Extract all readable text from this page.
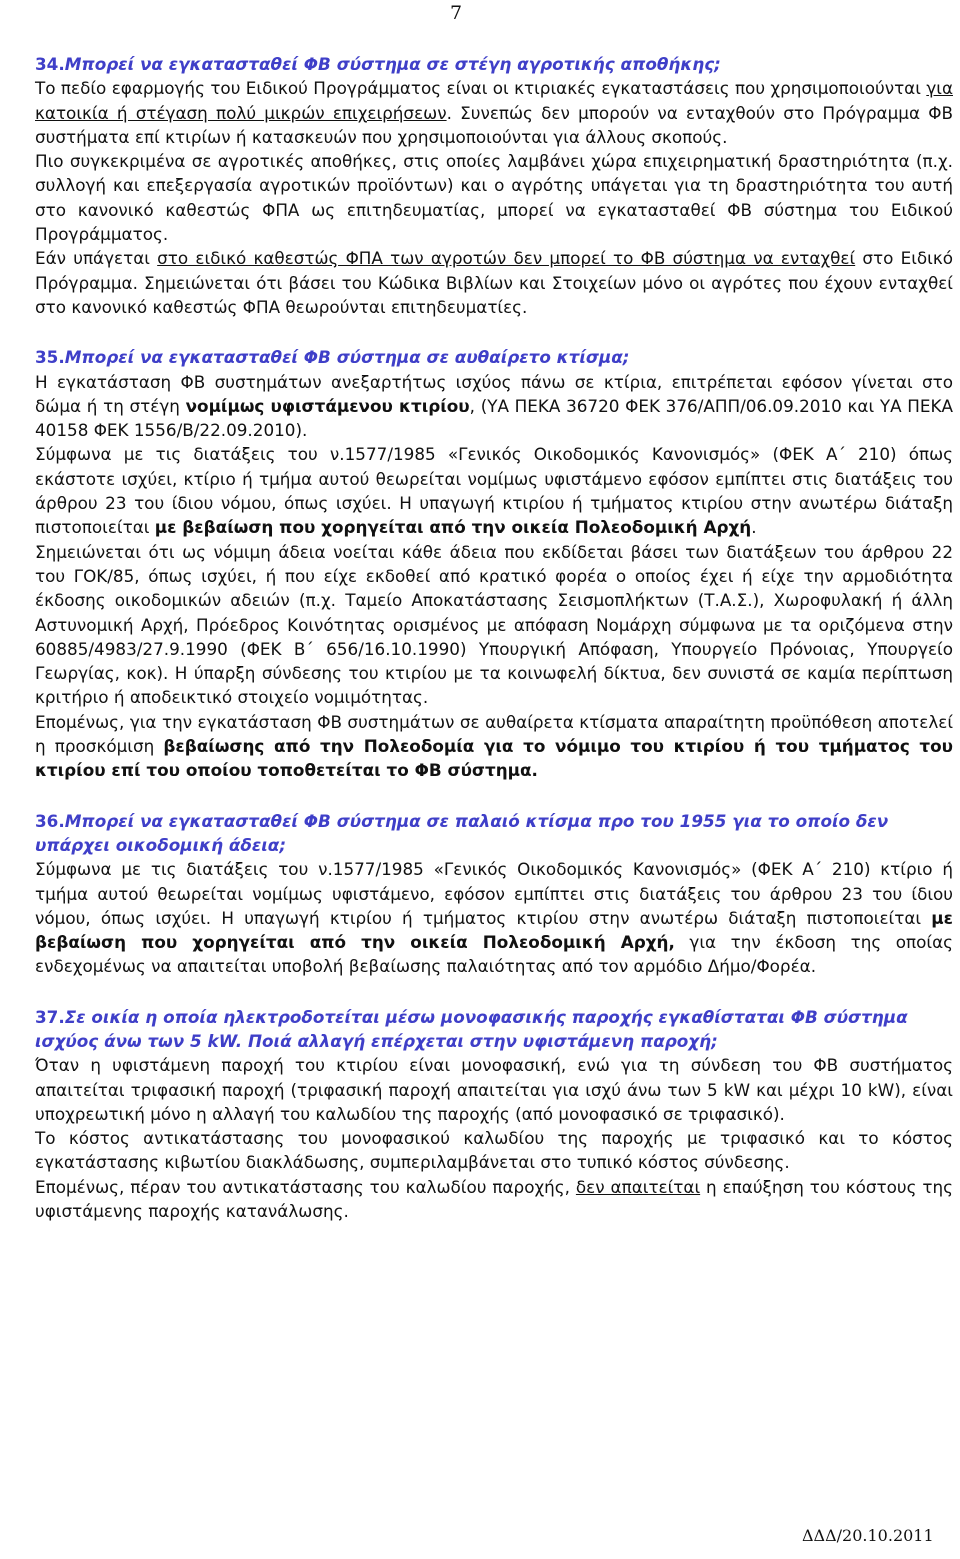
7
34.Μπορεί να εγκατασταθεί ΦΒ σύστημα σε στέγη αγροτικής αποθήκης;

Το πεδίο εφαρμογής του Ειδικού Προγράμματος είναι οι κτιριακές εγκαταστάσεις που χρησιμοποιούνται για κατοικία ή στέγαση πολύ μικρών επιχειρήσεων. Συνεπώς δεν μπορούν να ενταχθούν στο Πρόγραμμα ΦΒ συστήματα επί κτιρίων ή κατασκευών που χρησιμοποιούνται για άλλους σκοπούς.

Πιο συγκεκριμένα σε αγροτικές αποθήκες, στις οποίες λαμβάνει χώρα επιχειρηματική δραστηριότητα (π.χ. συλλογή και επεξεργασία αγροτικών προϊόντων) και ο αγρότης υπάγεται για τη δραστηριότητα του αυτή στο κανονικό καθεστώς ΦΠΑ ως επιτηδευματίας, μπορεί να εγκατασταθεί ΦΒ σύστημα του Ειδικού Προγράμματος.

Εάν υπάγεται στο ειδικό καθεστώς ΦΠΑ των αγροτών δεν μπορεί το ΦΒ σύστημα να ενταχθεί στο Ειδικό Πρόγραμμα. Σημειώνεται ότι βάσει του Κώδικα Βιβλίων και Στοιχείων μόνο οι αγρότες που έχουν ενταχθεί στο κανονικό καθεστώς ΦΠΑ θεωρούνται επιτηδευματίες.

35.Μπορεί να εγκατασταθεί ΦΒ σύστημα σε αυθαίρετο κτίσμα;

Η εγκατάσταση ΦΒ συστημάτων ανεξαρτήτως ισχύος πάνω σε κτίρια, επιτρέπεται εφόσον γίνεται στο δώμα ή τη στέγη νομίμως υφιστάμενου κτιρίου, (ΥΑ ΠΕΚΑ 36720 ΦΕΚ 376/ΑΠΠ/06.09.2010 και ΥΑ ΠΕΚΑ 40158 ΦΕΚ 1556/Β/22.09.2010).

Σύμφωνα με τις διατάξεις του ν.1577/1985 «Γενικός Οικοδομικός Κανονισμός» (ΦΕΚ Α΄ 210) όπως εκάστοτε ισχύει, κτίριο ή τμήμα αυτού θεωρείται νομίμως υφιστάμενο εφόσον εμπίπτει στις διατάξεις του άρθρου 23 του ίδιου νόμου, όπως ισχύει. Η υπαγωγή κτιρίου ή τμήματος κτιρίου στην ανωτέρω διάταξη πιστοποιείται με βεβαίωση που χορηγείται από την οικεία Πολεοδομική Αρχή.

Σημειώνεται ότι ως νόμιμη άδεια νοείται κάθε άδεια που εκδίδεται βάσει των διατάξεων του άρθρου 22 του ΓΟΚ/85, όπως ισχύει, ή που είχε εκδοθεί από κρατικό φορέα ο οποίος έχει ή είχε την αρμοδιότητα έκδοσης οικοδομικών αδειών (π.χ. Ταμείο Αποκατάστασης Σεισμοπλήκτων (Τ.Α.Σ.), Χωροφυλακή ή άλλη Αστυνομική Αρχή, Πρόεδρος Κοινότητας ορισμένος με απόφαση Νομάρχη σύμφωνα με τα οριζόμενα στην 60885/4983/27.9.1990 (ΦΕΚ Β΄ 656/16.10.1990) Υπουργική Απόφαση, Υπουργείο Πρόνοιας, Υπουργείο Γεωργίας, κοκ). Η ύπαρξη σύνδεσης του κτιρίου με τα κοινωφελή δίκτυα, δεν συνιστά σε καμία περίπτωση κριτήριο ή αποδεικτικό στοιχείο νομιμότητας.

Επομένως, για την εγκατάσταση ΦΒ συστημάτων σε αυθαίρετα κτίσματα απαραίτητη προϋπόθεση αποτελεί η προσκόμιση βεβαίωσης από την Πολεοδομία για το νόμιμο του κτιρίου ή του τμήματος του κτιρίου επί του οποίου τοποθετείται το ΦΒ σύστημα.

36.Μπορεί να εγκατασταθεί ΦΒ σύστημα σε παλαιό κτίσμα προ του 1955 για το οποίο δεν υπάρχει οικοδομική άδεια;

Σύμφωνα με τις διατάξεις του ν.1577/1985 «Γενικός Οικοδομικός Κανονισμός» (ΦΕΚ Α΄ 210) κτίριο ή τμήμα αυτού θεωρείται νομίμως υφιστάμενο, εφόσον εμπίπτει στις διατάξεις του άρθρου 23 του ίδιου νόμου, όπως ισχύει. Η υπαγωγή κτιρίου ή τμήματος κτιρίου στην ανωτέρω διάταξη πιστοποιείται με βεβαίωση που χορηγείται από την οικεία Πολεοδομική Αρχή, για την έκδοση της οποίας ενδεχομένως να απαιτείται υποβολή βεβαίωσης παλαιότητας από τον αρμόδιο Δήμο/Φορέα.

37.Σε οικία η οποία ηλεκτροδοτείται μέσω μονοφασικής παροχής εγκαθίσταται ΦΒ σύστημα ισχύος άνω των 5 kW. Ποιά αλλαγή επέρχεται στην υφιστάμενη παροχή;

Όταν η υφιστάμενη παροχή του κτιρίου είναι μονοφασική, ενώ για τη σύνδεση του ΦΒ συστήματος απαιτείται τριφασική παροχή (τριφασική παροχή απαιτείται για ισχύ άνω των 5 kW και μέχρι 10 kW), είναι υποχρεωτική μόνο η αλλαγή του καλωδίου της παροχής (από μονοφασικό σε τριφασικό).

Το κόστος αντικατάστασης του μονοφασικού καλωδίου της παροχής με τριφασικό και το κόστος εγκατάστασης κιβωτίου διακλάδωσης, συμπεριλαμβάνεται στο τυπικό κόστος σύνδεσης.

Επομένως, πέραν του αντικατάστασης του καλωδίου παροχής, δεν απαιτείται η επαύξηση του κόστους της υφιστάμενης παροχής κατανάλωσης.

ΔΔΔ/20.10.2011
